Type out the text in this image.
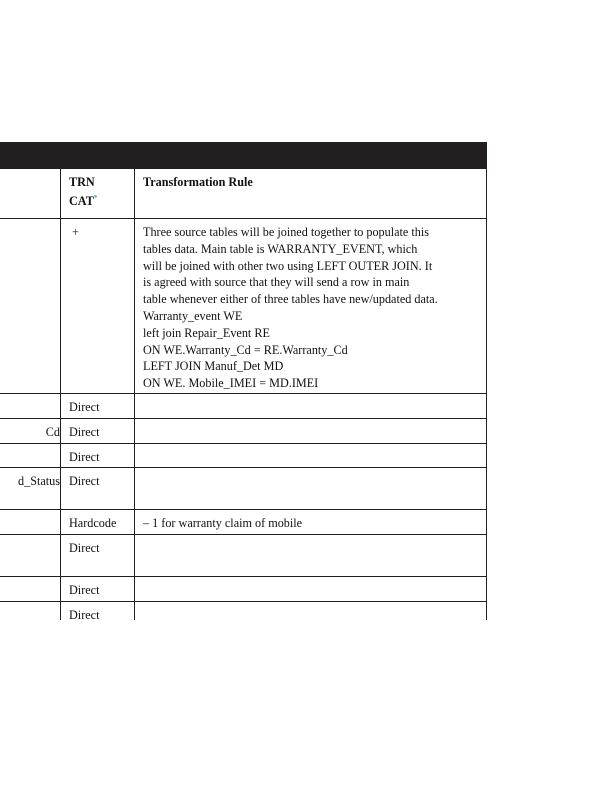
TRN
CAT*
Transformation Rule
+	Three source tables will be joined together to populate this
tables data. Main table is WARRANTY_EVENT, which
will be joined with other two using LEFT OUTER JOIN. It
is agreed with source that they will send a row in main
table whenever either of three tables have new/updated data.
Warranty_event WE
left join Repair_Event RE
ON WE.Warranty_Cd = RE.Warranty_Cd
LEFT JOIN Manuf_Det MD
ON WE. Mobile_IMEI = MD.IMEI
Direct
Cd Direct
Direct
d_Status Direct
Hardcode	– 1 for warranty claim of mobile
Direct
Direct
Direct
